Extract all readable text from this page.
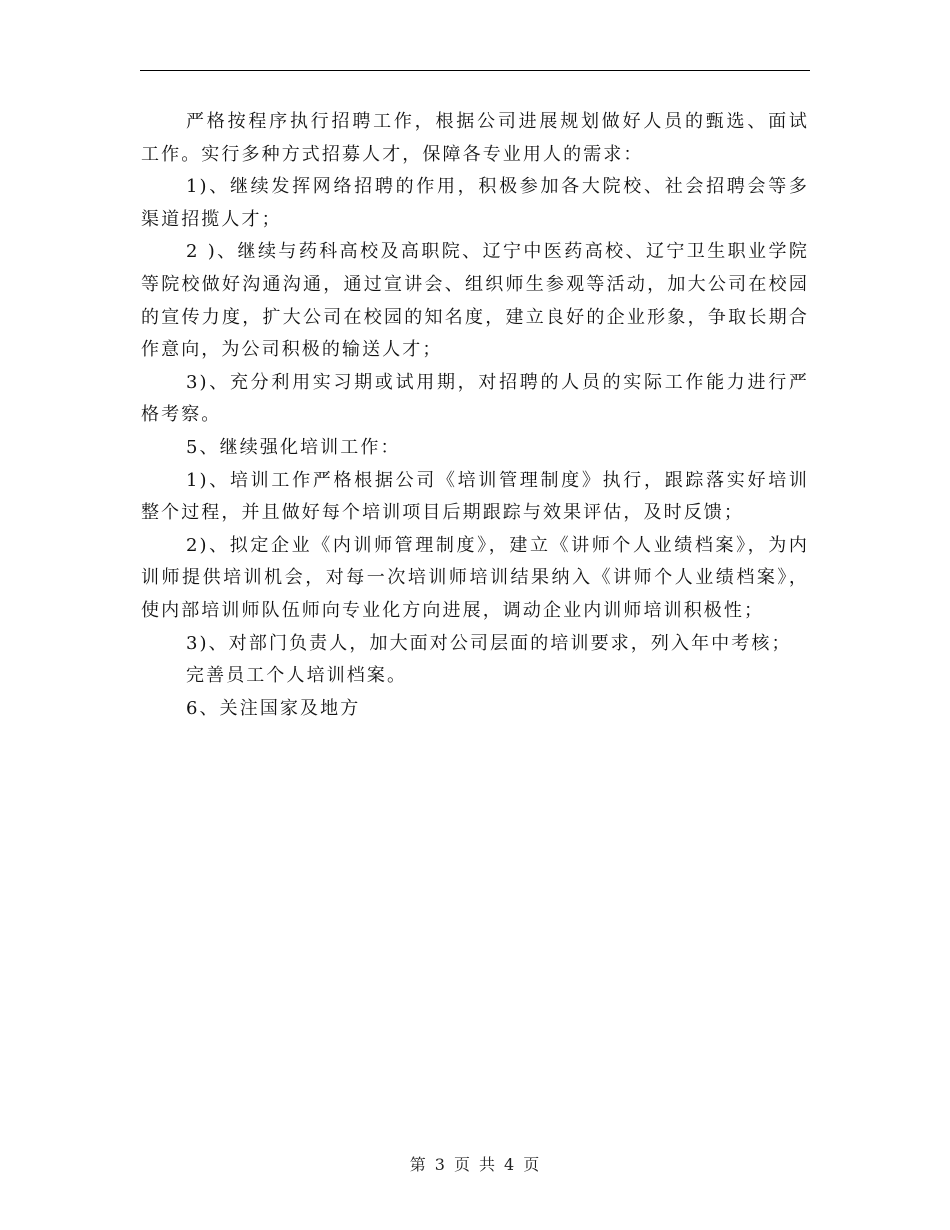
严格按程序执行招聘工作，根据公司进展规划做好人员的甄选、面试工作。实行多种方式招募人才，保障各专业用人的需求：

1)、继续发挥网络招聘的作用，积极参加各大院校、社会招聘会等多渠道招揽人才；

2 )、继续与药科高校及高职院、辽宁中医药高校、辽宁卫生职业学院等院校做好沟通沟通，通过宣讲会、组织师生参观等活动，加大公司在校园的宣传力度，扩大公司在校园的知名度，建立良好的企业形象，争取长期合作意向，为公司积极的输送人才；

3)、充分利用实习期或试用期，对招聘的人员的实际工作能力进行严格考察。

5、继续强化培训工作：

1)、培训工作严格根据公司《培训管理制度》执行，跟踪落实好培训整个过程，并且做好每个培训项目后期跟踪与效果评估，及时反馈；

2)、拟定企业《内训师管理制度》，建立《讲师个人业绩档案》，为内训师提供培训机会，对每一次培训师培训结果纳入《讲师个人业绩档案》，使内部培训师队伍师向专业化方向进展，调动企业内训师培训积极性；

3)、对部门负责人，加大面对公司层面的培训要求，列入年中考核；

完善员工个人培训档案。

6、关注国家及地方

第 3 页 共 4 页
